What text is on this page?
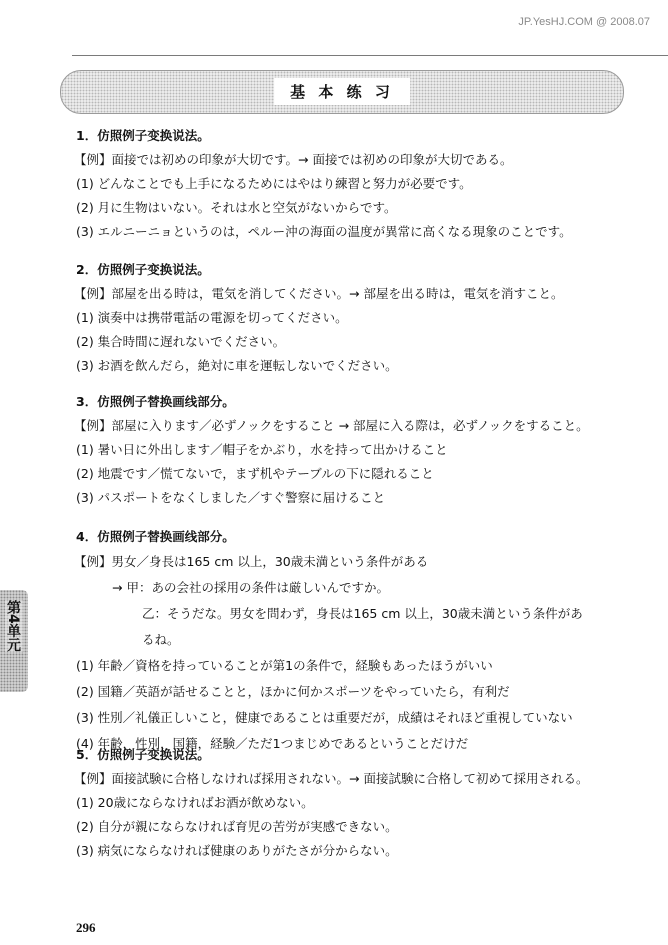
JP.YesHJ.COM @ 2008.07
基 本 练 习
1．仿照例子变换说法。
【例】面接では初めの印象が大切です。→ 面接では初めの印象が大切である。
(1) どんなことでも上手になるためにはやはり練習と努力が必要です。
(2) 月に生物はいない。それは水と空気がないからです。
(3) エルニーニョというのは，ペルー沖の海面の温度が異常に高くなる現象のことです。
2．仿照例子变换说法。
【例】部屋を出る時は，電気を消してください。→ 部屋を出る時は，電気を消すこと。
(1) 演奏中は携帯電話の電源を切ってください。
(2) 集合時間に遅れないでください。
(3) お酒を飲んだら，絶対に車を運転しないでください。
3．仿照例子替换画线部分。
【例】部屋に入ります／必ずノックをすること → 部屋に入る際は，必ずノックをすること。
(1) 暑い日に外出します／帽子をかぶり，水を持って出かけること
(2) 地震です／慌てないで，まず机やテーブルの下に隠れること
(3) パスポートをなくしました／すぐ警察に届けること
4．仿照例子替换画线部分。
【例】男女／身長は165 cm 以上，30歳未満という条件がある
→ 甲：あの会社の採用の条件は厳しいんですか。
乙：そうだな。男女を問わず，身長は165 cm 以上，30歳未満という条件があ
るね。
(1) 年齢／資格を持っていることが第1の条件で，経験もあったほうがいい
(2) 国籍／英語が話せることと，ほかに何かスポーツをやっていたら，有利だ
(3) 性別／礼儀正しいこと，健康であることは重要だが，成績はそれほど重視していない
(4) 年齢，性別，国籍，経験／ただ1つまじめであるということだけだ
5．仿照例子变换说法。
【例】面接試験に合格しなければ採用されない。→ 面接試験に合格して初めて採用される。
(1) 20歳にならなければお酒が飲めない。
(2) 自分が親にならなければ育児の苦労が実感できない。
(3) 病気にならなければ健康のありがたさが分からない。
第4单元
296
